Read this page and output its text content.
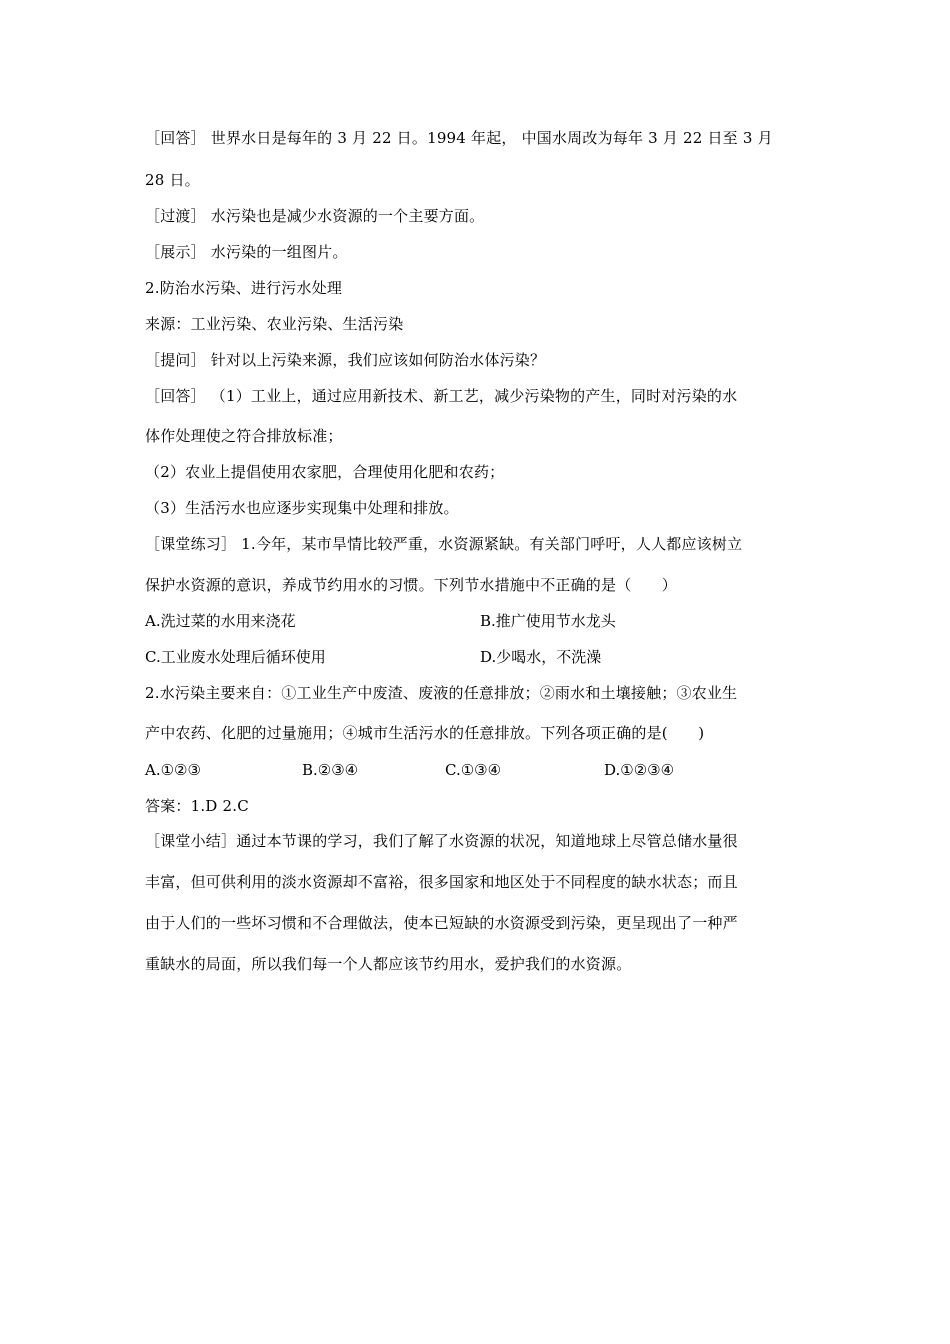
［回答］ 世界水日是每年的 3 月 22 日。1994 年起， 中国水周改为每年 3 月 22 日至 3 月
28 日。
［过渡］ 水污染也是减少水资源的一个主要方面。
［展示］ 水污染的一组图片。
2.防治水污染、进行污水处理
来源：工业污染、农业污染、生活污染
［提问］ 针对以上污染来源，我们应该如何防治水体污染？
［回答］ （1）工业上，通过应用新技术、新工艺，减少污染物的产生，同时对污染的水
体作处理使之符合排放标准；
（2）农业上提倡使用农家肥，合理使用化肥和农药；
（3）生活污水也应逐步实现集中处理和排放。
［课堂练习］ 1.今年，某市旱情比较严重，水资源紧缺。有关部门呼吁，人人都应该树立
保护水资源的意识，养成节约用水的习惯。下列节水措施中不正确的是（　　）
A.洗过菜的水用来浇花	B.推广使用节水龙头
C.工业废水处理后循环使用	D.少喝水，不洗澡
2.水污染主要来自：①工业生产中废渣、废液的任意排放；②雨水和土壤接触；③农业生
产中农药、化肥的过量施用；④城市生活污水的任意排放。下列各项正确的是(　　)
A.①②③	B.②③④	C.①③④	D.①②③④
答案：1.D 2.C
［课堂小结］通过本节课的学习，我们了解了水资源的状况，知道地球上尽管总储水量很
丰富，但可供利用的淡水资源却不富裕，很多国家和地区处于不同程度的缺水状态；而且
由于人们的一些坏习惯和不合理做法，使本已短缺的水资源受到污染，更呈现出了一种严
重缺水的局面，所以我们每一个人都应该节约用水，爱护我们的水资源。
